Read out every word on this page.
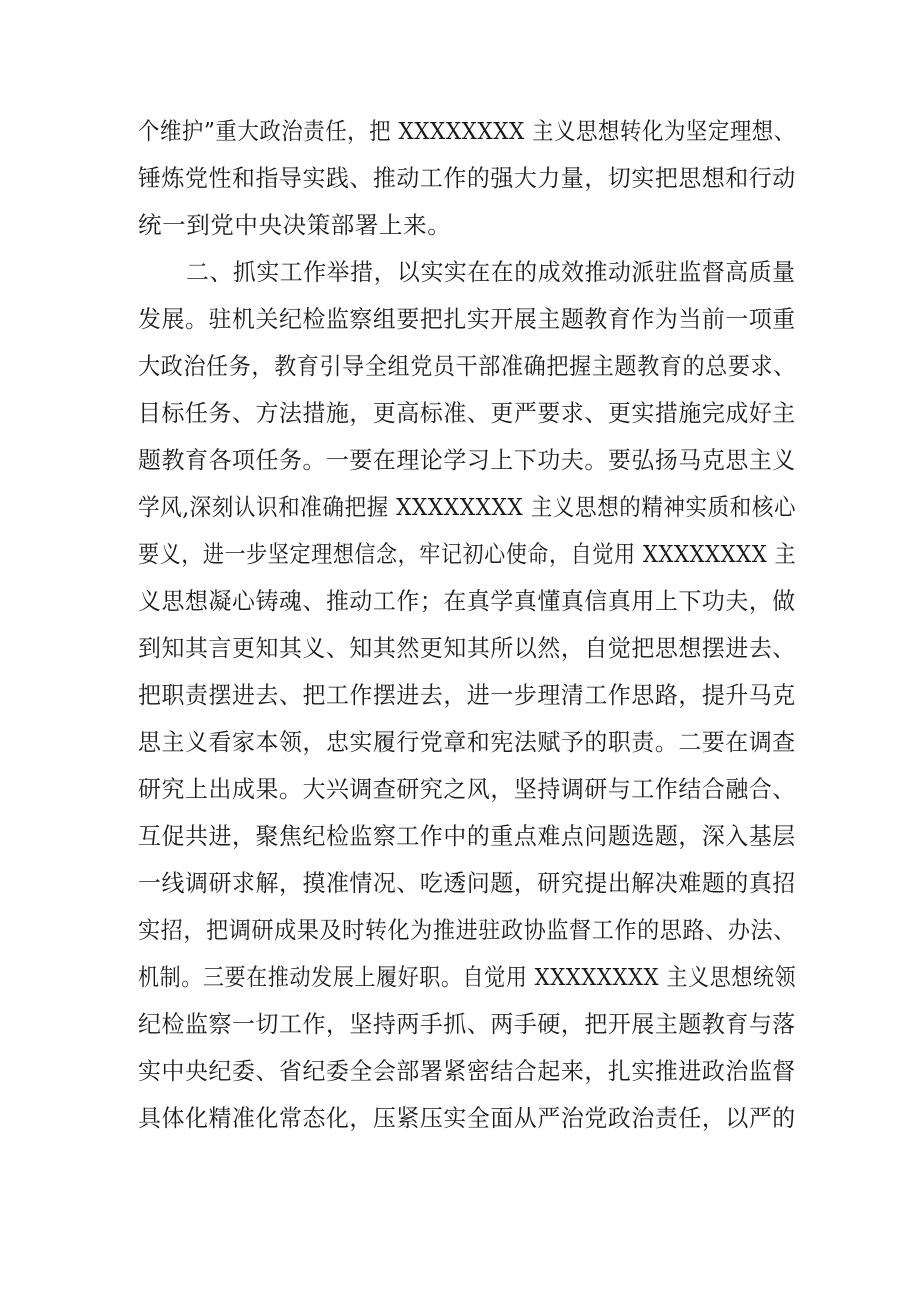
个维护”重大政治责任，把 XXXXXXXX 主义思想转化为坚定理想、
锤炼党性和指导实践、推动工作的强大力量，切实把思想和行动
统一到党中央决策部署上来。
二、抓实工作举措，以实实在在的成效推动派驻监督高质量
发展。驻机关纪检监察组要把扎实开展主题教育作为当前一项重
大政治任务，教育引导全组党员干部准确把握主题教育的总要求、
目标任务、方法措施，更高标准、更严要求、更实措施完成好主
题教育各项任务。一要在理论学习上下功夫。要弘扬马克思主义
学风,深刻认识和准确把握 XXXXXXXX 主义思想的精神实质和核心
要义，进一步坚定理想信念，牢记初心使命，自觉用 XXXXXXXX 主
义思想凝心铸魂、推动工作；在真学真懂真信真用上下功夫，做
到知其言更知其义、知其然更知其所以然，自觉把思想摆进去、
把职责摆进去、把工作摆进去，进一步理清工作思路，提升马克
思主义看家本领，忠实履行党章和宪法赋予的职责。二要在调查
研究上出成果。大兴调查研究之风，坚持调研与工作结合融合、
互促共进，聚焦纪检监察工作中的重点难点问题选题，深入基层
一线调研求解，摸准情况、吃透问题，研究提出解决难题的真招
实招，把调研成果及时转化为推进驻政协监督工作的思路、办法、
机制。三要在推动发展上履好职。自觉用 XXXXXXXX 主义思想统领
纪检监察一切工作，坚持两手抓、两手硬，把开展主题教育与落
实中央纪委、省纪委全会部署紧密结合起来，扎实推进政治监督
具体化精准化常态化，压紧压实全面从严治党政治责任，以严的
